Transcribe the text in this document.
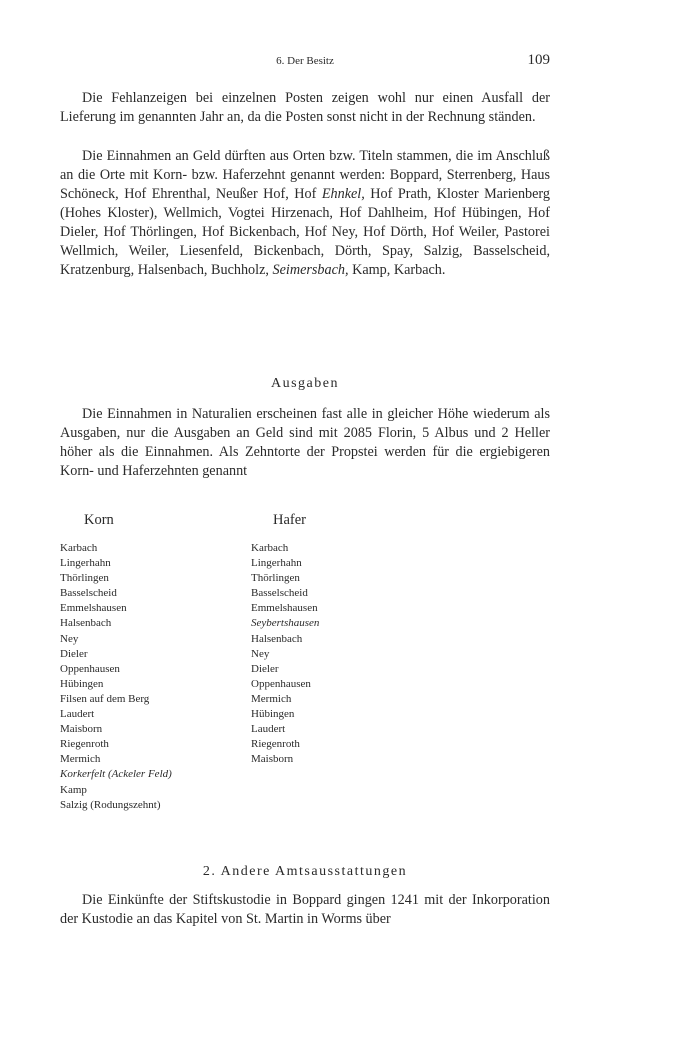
6. Der Besitz	109

Die Fehlanzeigen bei einzelnen Posten zeigen wohl nur einen Ausfall der Lieferung im genannten Jahr an, da die Posten sonst nicht in der Rechnung ständen.

Die Einnahmen an Geld dürften aus Orten bzw. Titeln stammen, die im Anschluß an die Orte mit Korn- bzw. Haferzehnt genannt werden: Boppard, Sterrenberg, Haus Schöneck, Hof Ehrenthal, Neußer Hof, Hof Ehnkel, Hof Prath, Kloster Marienberg (Hohes Kloster), Wellmich, Vogtei Hirzenach, Hof Dahlheim, Hof Hübingen, Hof Dieler, Hof Thörlingen, Hof Bickenbach, Hof Ney, Hof Dörth, Hof Weiler, Pastorei Wellmich, Weiler, Liesenfeld, Bickenbach, Dörth, Spay, Salzig, Basselscheid, Kratzenburg, Halsenbach, Buchholz, Seimersbach, Kamp, Karbach.

Ausgaben

Die Einnahmen in Naturalien erscheinen fast alle in gleicher Höhe wiederum als Ausgaben, nur die Ausgaben an Geld sind mit 2085 Florin, 5 Albus und 2 Heller höher als die Einnahmen. Als Zehntorte der Propstei werden für die ergiebigeren Korn- und Haferzehnten genannt

Korn	Hafer
Karbach
Lingerhahn
Thörlingen
Basselscheid
Emmelshausen
Halsenbach
Ney
Dieler
Oppenhausen
Hübingen
Filsen auf dem Berg
Laudert
Maisborn
Riegenroth
Mermich
Korkerfelt (Ackeler Feld)
Kamp
Salzig (Rodungszehnt)
Karbach
Lingerhahn
Thörlingen
Basselscheid
Emmelshausen
Seybertshausen
Halsenbach
Ney
Dieler
Oppenhausen
Mermich
Hübingen
Laudert
Riegenroth
Maisborn
2. Andere Amtsausstattungen

Die Einkünfte der Stiftskustodie in Boppard gingen 1241 mit der Inkorporation der Kustodie an das Kapitel von St. Martin in Worms über
